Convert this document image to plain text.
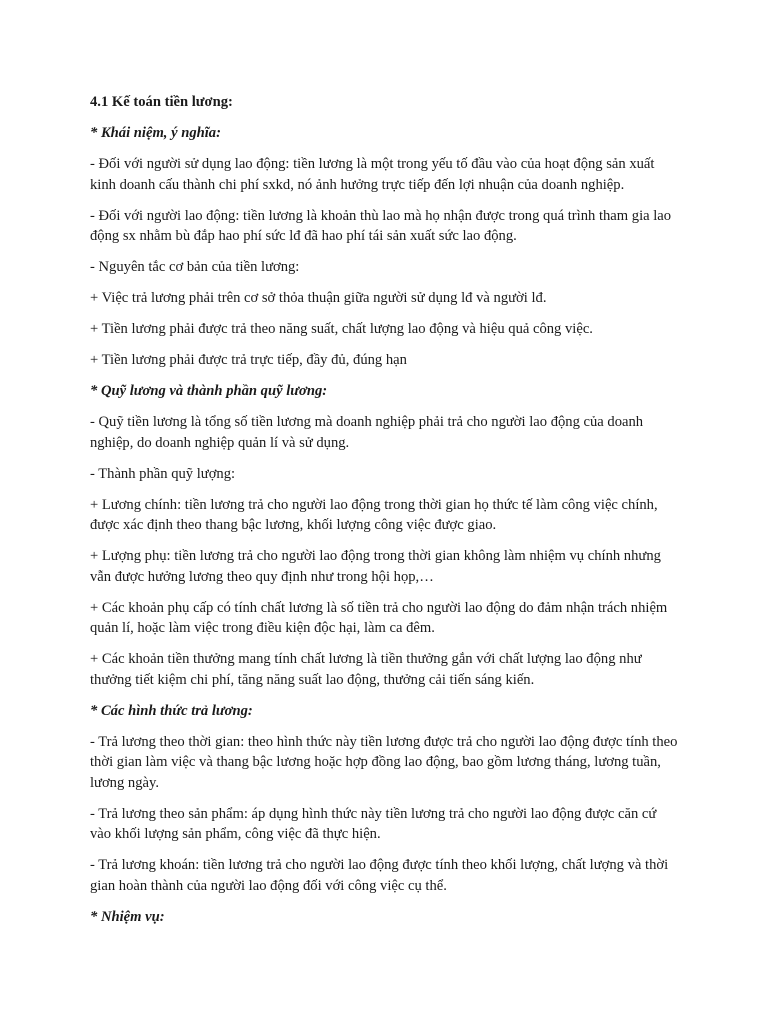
4.1 Kế toán tiền lương:

* Khái niệm, ý nghĩa:

- Đối với người sử dụng lao động: tiền lương là một trong yếu tố đầu vào của hoạt động sản xuất kinh doanh cấu thành chi phí sxkd, nó ảnh hưởng trực tiếp đến lợi nhuận của doanh nghiệp.

- Đối với người lao động: tiền lương là khoản thù lao mà họ nhận được trong quá trình tham gia lao động sx nhằm bù đắp hao phí sức lđ đã hao phí tái sản xuất sức lao động.

- Nguyên tắc cơ bản của tiền lương:

+ Việc trả lương phải trên cơ sở thỏa thuận giữa người sử dụng lđ và người lđ.

+ Tiền lương phải được trả theo năng suất, chất lượng lao động và hiệu quả công việc.

+ Tiền lương phải được trả trực tiếp, đầy đủ, đúng hạn

* Quỹ lương và thành phần quỹ lương:

- Quỹ tiền lương là tổng số tiền lương mà doanh nghiệp phải trả cho người lao động của doanh nghiệp, do doanh nghiệp quản lí và sử dụng.

- Thành phần quỹ lượng:

+ Lương chính: tiền lương trả cho người lao động trong thời gian họ thức tế làm công việc chính, được xác định theo thang bậc lương, khối lượng công việc được giao.

+ Lượng phụ: tiền lương trả cho người lao động trong thời gian không làm nhiệm vụ chính nhưng vẫn được hưởng lương theo quy định như trong hội họp,…

+ Các khoản phụ cấp có tính chất lương là số tiền trả cho người lao động do đảm nhận trách nhiệm quản lí, hoặc làm việc trong điều kiện độc hại, làm ca đêm.

+ Các khoản tiền thưởng mang tính chất lương là tiền thưởng gắn với chất lượng lao động như thưởng tiết kiệm chi phí, tăng năng suất lao động, thưởng cải tiến sáng kiến.

* Các hình thức trả lương:

- Trả lương theo thời gian: theo hình thức này tiền lương được trả cho người lao động được tính theo thời gian làm việc và thang bậc lương hoặc hợp đồng lao động, bao gồm lương tháng, lương tuần, lương ngày.

- Trả lương theo sản phẩm: áp dụng hình thức này tiền lương trả cho người lao động được căn cứ vào khối lượng sản phẩm, công việc đã thực hiện.

- Trả lương khoán: tiền lương trả cho người lao động được tính theo khối lượng, chất lượng và thời gian hoàn thành của người lao động đối với công việc cụ thể.

* Nhiệm vụ:
